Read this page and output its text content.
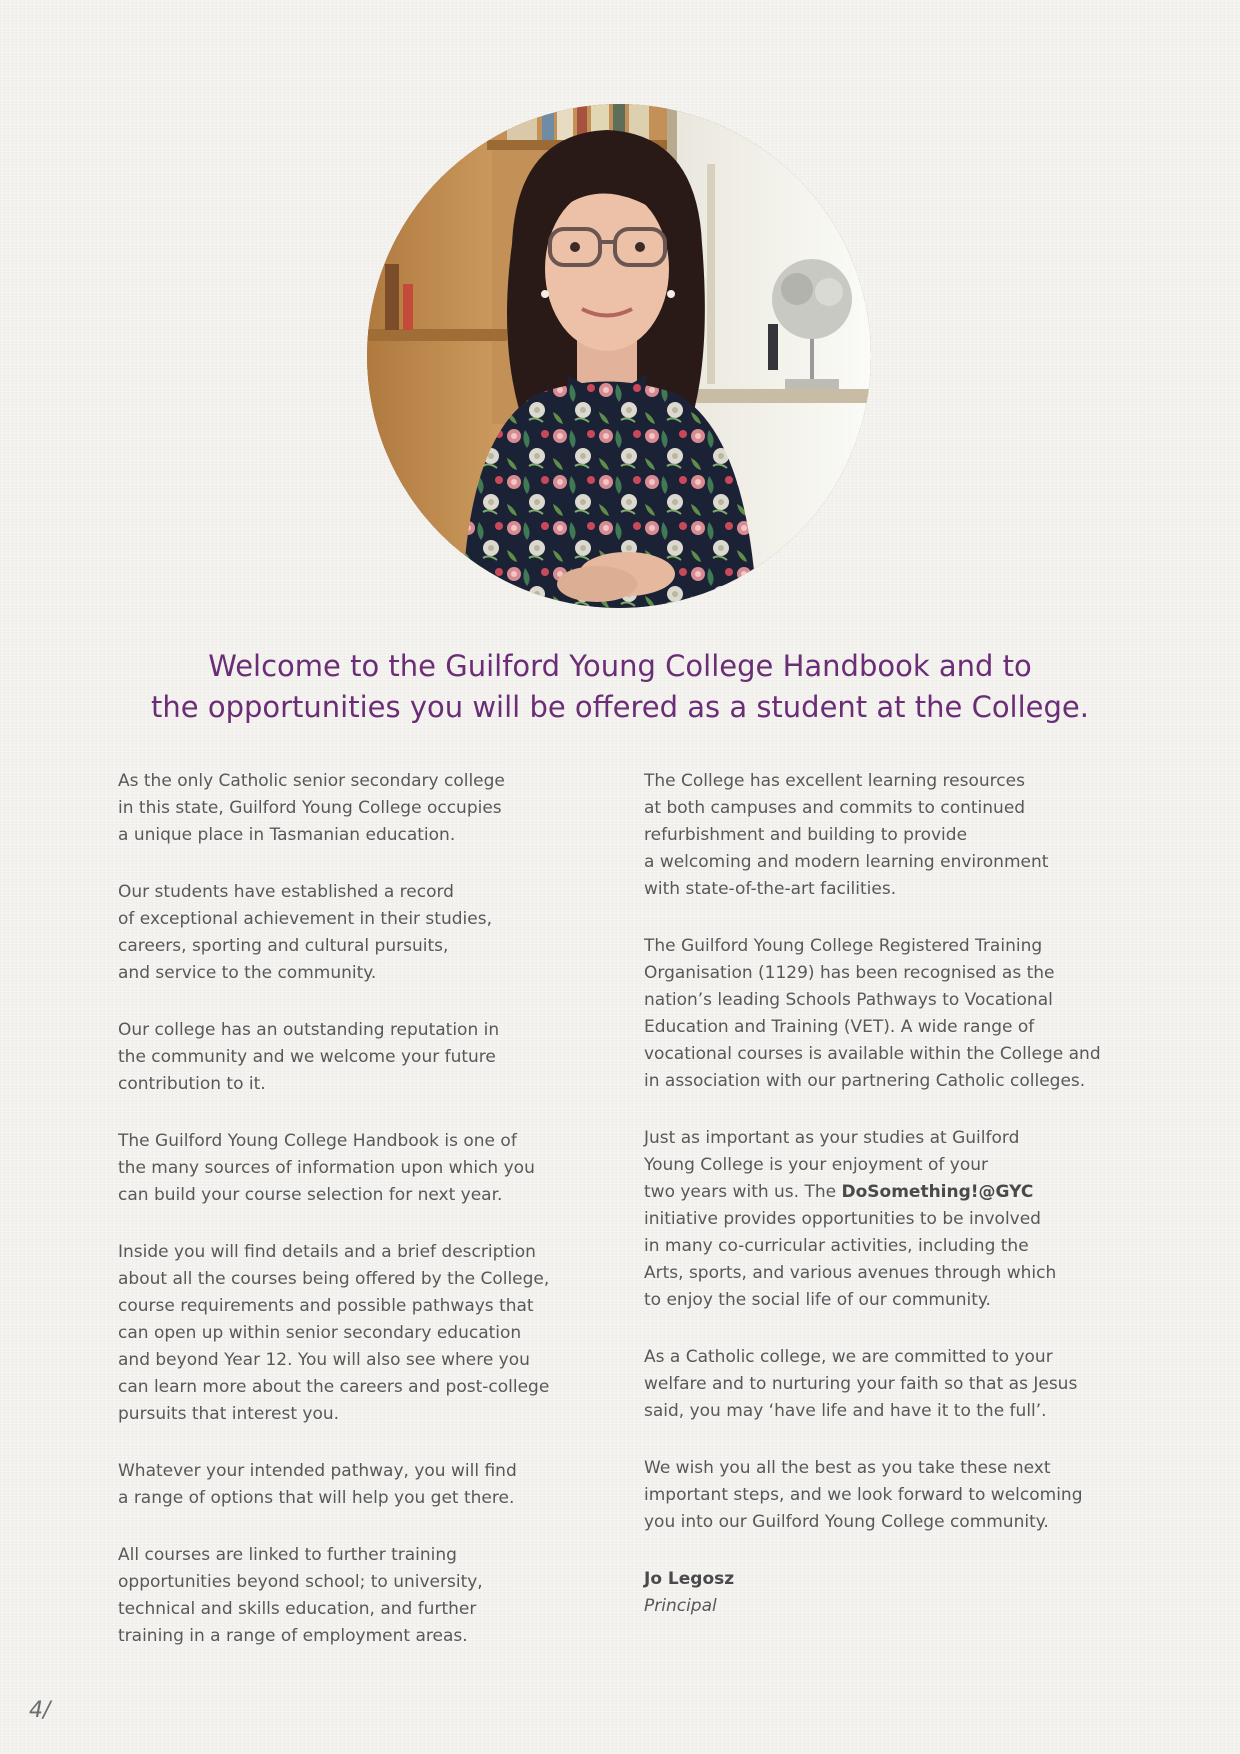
Welcome to the Guilford Young College Handbook and to
the opportunities you will be offered as a student at the College.

As the only Catholic senior secondary college
in this state, Guilford Young College occupies
a unique place in Tasmanian education.

Our students have established a record
of exceptional achievement in their studies,
careers, sporting and cultural pursuits,
and service to the community.

Our college has an outstanding reputation in
the community and we welcome your future
contribution to it.

The Guilford Young College Handbook is one of
the many sources of information upon which you
can build your course selection for next year.

Inside you will find details and a brief description
about all the courses being offered by the College,
course requirements and possible pathways that
can open up within senior secondary education
and beyond Year 12. You will also see where you
can learn more about the careers and post-college
pursuits that interest you.

Whatever your intended pathway, you will find
a range of options that will help you get there.

All courses are linked to further training
opportunities beyond school; to university,
technical and skills education, and further
training in a range of employment areas.

The College has excellent learning resources
at both campuses and commits to continued
refurbishment and building to provide
a welcoming and modern learning environment
with state-of-the-art facilities.

The Guilford Young College Registered Training
Organisation (1129) has been recognised as the
nation’s leading Schools Pathways to Vocational
Education and Training (VET). A wide range of
vocational courses is available within the College and
in association with our partnering Catholic colleges.

Just as important as your studies at Guilford
Young College is your enjoyment of your
two years with us. The DoSomething!@GYC
initiative provides opportunities to be involved
in many co-curricular activities, including the
Arts, sports, and various avenues through which
to enjoy the social life of our community.

As a Catholic college, we are committed to your
welfare and to nurturing your faith so that as Jesus
said, you may ‘have life and have it to the full’.

We wish you all the best as you take these next
important steps, and we look forward to welcoming
you into our Guilford Young College community.

Jo Legosz
Principal
4/
